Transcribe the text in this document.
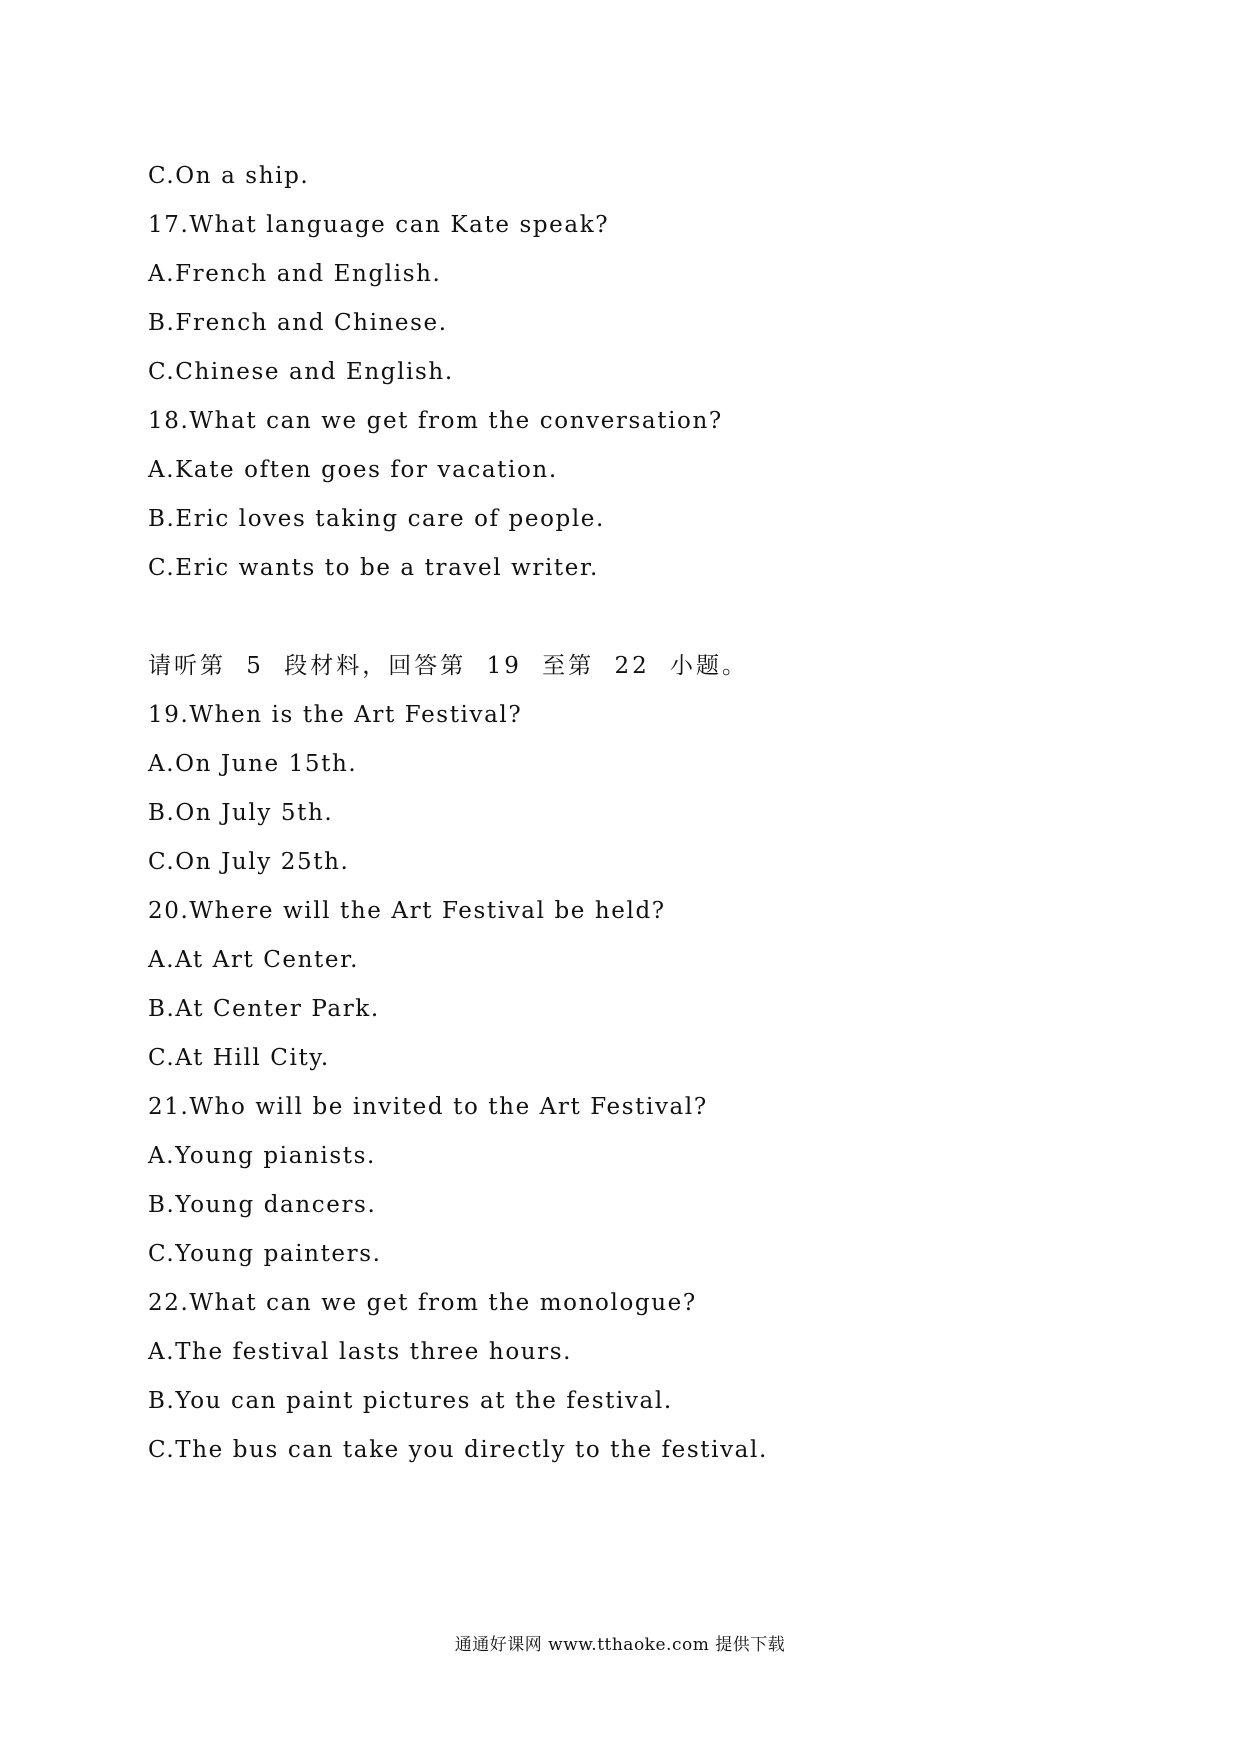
C.On a ship.
17.What language can Kate speak?
A.French and English.
B.French and Chinese.
C.Chinese and English.
18.What can we get from the conversation?
A.Kate often goes for vacation.
B.Eric loves taking care of people.
C.Eric wants to be a travel writer.
请听第 5 段材料，回答第 19 至第 22 小题。
19.When is the Art Festival?
A.On June 15th.
B.On July 5th.
C.On July 25th.
20.Where will the Art Festival be held?
A.At Art Center.
B.At Center Park.
C.At Hill City.
21.Who will be invited to the Art Festival?
A.Young pianists.
B.Young dancers.
C.Young painters.
22.What can we get from the monologue?
A.The festival lasts three hours.
B.You can paint pictures at the festival.
C.The bus can take you directly to the festival.
通通好课网 www.tthaoke.com 提供下载
